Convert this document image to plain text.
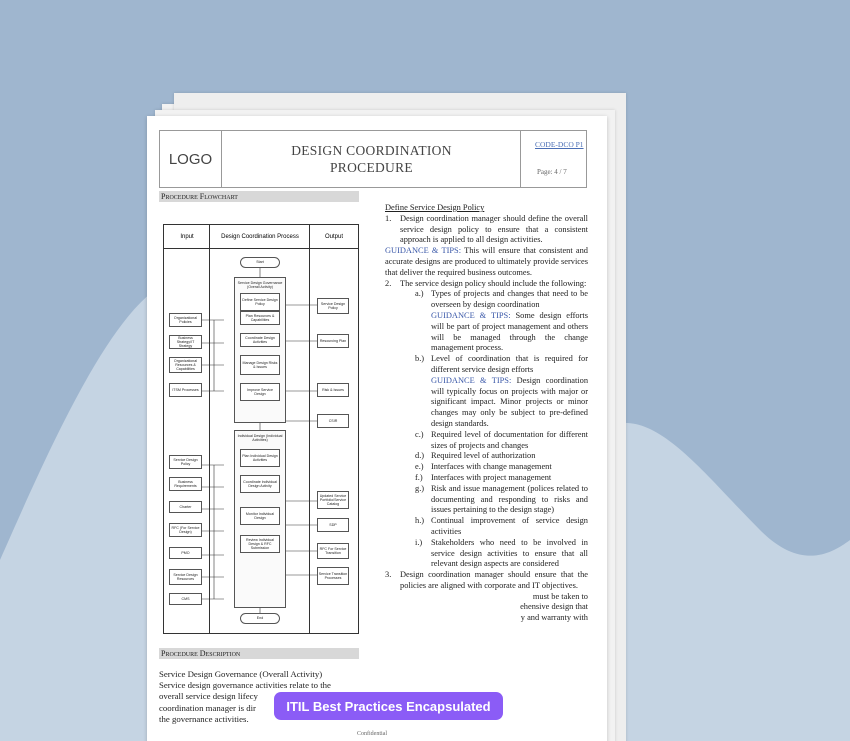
LOGO	DESIGN COORDINATION
PROCEDURE
CODE-DCO P1
Page: 4 / 7
Procedure Flowchart
Input	Design Coordination Process	Output
Start
Service Design Governance (Overall Activity)
Define Service Design Policy
Plan Resources & Capabilities
Coordinate Design Activities
Manage Design Risks & Issues
Improve Service Design
Individual Design (Individual Activities)
Plan Individual Design Activities
Coordinate Individual Design Activity
Monitor Individual Design
Review Individual Design & RFC Submission
End
Organizational Policies
Business Strategy/IT Strategy
Organizational Resources & Capabilities
ITSM Processes
Service Design Policy
Business Requirements
Charter
RFC (For Service Design)
PMO
Service Design Resources
CMS
Service Design Policy
Resourcing Plan
Risk & Issues
CSIR
Updated Service Portfolio/Service Catalog
SDP
RFC For Service Transition
Service Transition Processes

Define Service Design Policy

1. Design coordination manager should define the overall service design policy to ensure that a consistent approach is applied to all design activities.

GUIDANCE & TIPS: This will ensure that consistent and accurate designs are produced to ultimately provide services that deliver the required business outcomes.

2. The service design policy should include the following:

a.) Types of projects and changes that need to be overseen by design coordination

GUIDANCE & TIPS: Some design efforts will be part of project management and others will be managed through the change management process.

b.) Level of coordination that is required for different service design efforts

GUIDANCE & TIPS: Design coordination will typically focus on projects with major or significant impact. Minor projects or minor changes may only be subject to pre-defined design standards.

c.) Required level of documentation for different sizes of projects and changes

d.) Required level of authorization

e.) Interfaces with change management

f.) Interfaces with project management

g.) Risk and issue management (polices related to documenting and responding to risks and issues pertaining to the design stage)

h.) Continual improvement of service design activities

i.) Stakeholders who need to be involved in service design activities to ensure that all relevant design aspects are considered

3. Design coordination manager should ensure that the policies are aligned with corporate and IT objectives.

must be taken to

ehensive design that

y and warranty with

Procedure Description

Service Design Governance (Overall Activity)

Service design governance activities relate to the

overall service design lifecy

coordination manager is dir

the governance activities.

Confidential
ITIL Best Practices Encapsulated
